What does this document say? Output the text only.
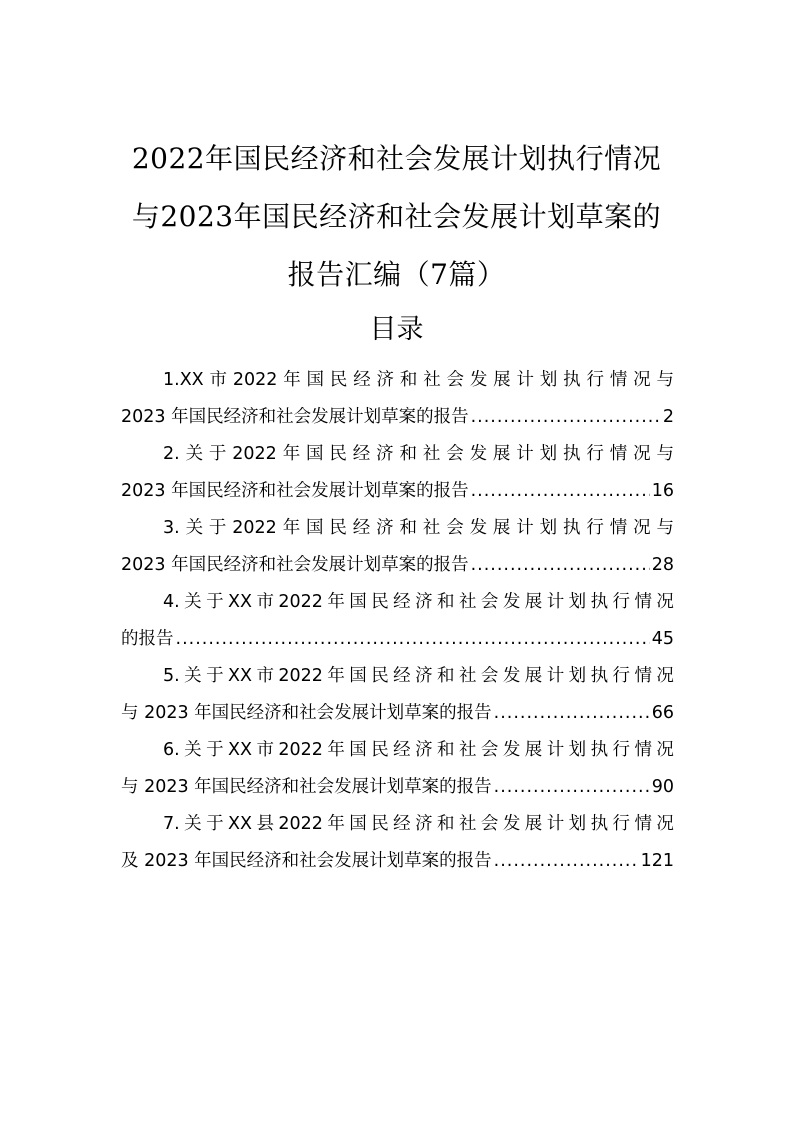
2022年国民经济和社会发展计划执行情况
与2023年国民经济和社会发展计划草案的
报告汇编（7篇）
目录
1.XX 市 2022 年 国 民 经 济 和 社 会 发 展 计 划 执 行 情 况 与
2023 年国民经济和社会发展计划草案的报告 .....	2
2. 关 于 2022 年 国 民 经 济 和 社 会 发 展 计 划 执 行 情 况 与
2023 年国民经济和社会发展计划草案的报告 .....	16
3. 关 于 2022 年 国 民 经 济 和 社 会 发 展 计 划 执 行 情 况 与
2023 年国民经济和社会发展计划草案的报告 .....	28
4. 关 于 XX 市 2022 年 国 民 经 济 和 社 会 发 展 计 划 执 行 情 况
的报告 .....	45
5. 关 于 XX 市 2022 年 国 民 经 济 和 社 会 发 展 计 划 执 行 情 况
与 2023 年国民经济和社会发展计划草案的报告 .....	66
6. 关 于 XX 市 2022 年 国 民 经 济 和 社 会 发 展 计 划 执 行 情 况
与 2023 年国民经济和社会发展计划草案的报告 .....	90
7. 关 于 XX 县 2022 年 国 民 经 济 和 社 会 发 展 计 划 执 行 情 况
及 2023 年国民经济和社会发展计划草案的报告 .....	121
